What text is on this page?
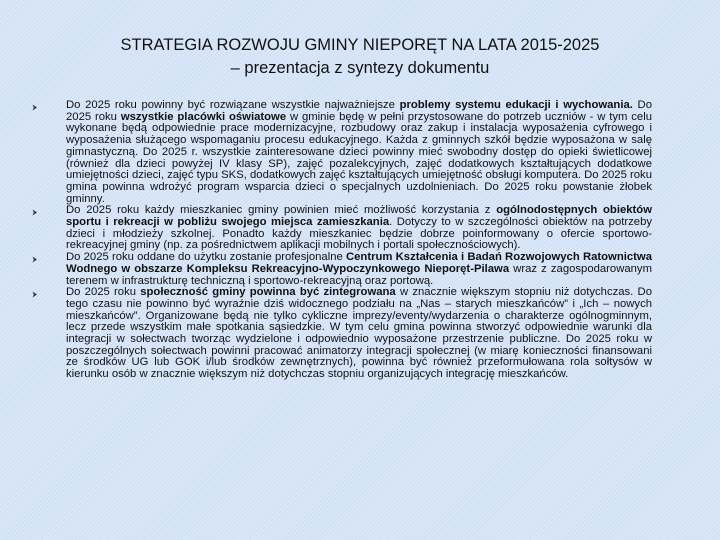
STRATEGIA ROZWOJU GMINY NIEPORĘT NA LATA 2015-2025
– prezentacja z syntezy dokumentu
Do 2025 roku powinny być rozwiązane wszystkie najważniejsze problemy systemu edukacji i wychowania. Do 2025 roku wszystkie placówki oświatowe w gminie będę w pełni przystosowane do potrzeb uczniów - w tym celu wykonane będą odpowiednie prace modernizacyjne, rozbudowy oraz zakup i instalacja wyposażenia cyfrowego i wyposażenia służącego wspomaganiu procesu edukacyjnego. Każda z gminnych szkół będzie wyposażona w salę gimnastyczną. Do 2025 r. wszystkie zainteresowane dzieci powinny mieć swobodny dostęp do opieki świetlicowej (również dla dzieci powyżej IV klasy SP), zajęć pozalekcyjnych, zajęć dodatkowych kształtujących dodatkowe umiejętności dzieci, zajęć typu SKS, dodatkowych zajęć kształtujących umiejętność obsługi komputera. Do 2025 roku gmina powinna wdrożyć program wsparcia dzieci o specjalnych uzdolnieniach. Do 2025 roku powstanie żłobek gminny.
Do 2025 roku każdy mieszkaniec gminy powinien mieć możliwość korzystania z ogólnodostępnych obiektów sportu i rekreacji w pobliżu swojego miejsca zamieszkania. Dotyczy to w szczególności obiektów na potrzeby dzieci i młodzieży szkolnej. Ponadto każdy mieszkaniec będzie dobrze poinformowany o ofercie sportowo-rekreacyjnej gminy (np. za pośrednictwem aplikacji mobilnych i portali społecznościowych).
Do 2025 roku oddane do użytku zostanie profesjonalne Centrum Kształcenia i Badań Rozwojowych Ratownictwa Wodnego w obszarze Kompleksu Rekreacyjno-Wypoczynkowego Nieporęt-Pilawa wraz z zagospodarowanym terenem w infrastrukturę techniczną i sportowo-rekreacyjną oraz portową.
Do 2025 roku społeczność gminy powinna być zintegrowana w znacznie większym stopniu niż dotychczas. Do tego czasu nie powinno być wyraźnie dziś widocznego podziału na „Nas – starych mieszkańców” i „Ich – nowych mieszkańców”. Organizowane będą nie tylko cykliczne imprezy/eventy/wydarzenia o charakterze ogólnogminnym, lecz przede wszystkim małe spotkania sąsiedzkie. W tym celu gmina powinna stworzyć odpowiednie warunki dla integracji w sołectwach tworząc wydzielone i odpowiednio wyposażone przestrzenie publiczne. Do 2025 roku w poszczególnych sołectwach powinni pracować animatorzy integracji społecznej (w miarę konieczności finansowani ze środków UG lub GOK i/lub środków zewnętrznych), powinna być również przeformułowana rola sołtysów w kierunku osób w znacznie większym niż dotychczas stopniu organizujących integrację mieszkańców.
